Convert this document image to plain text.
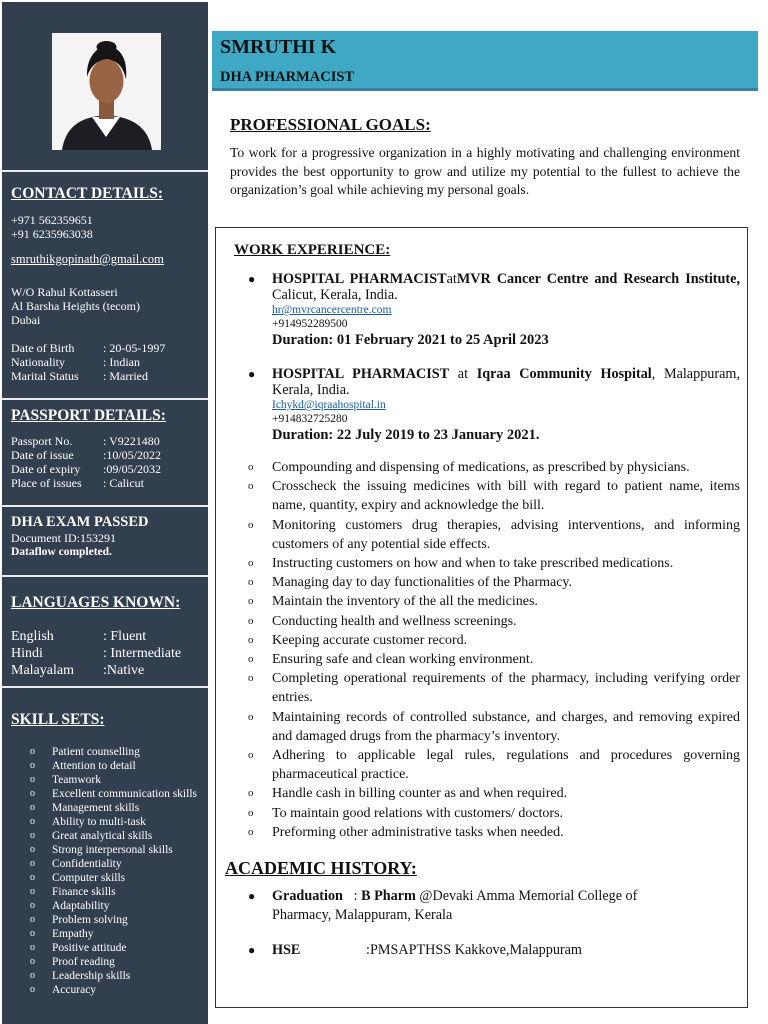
CONTACT DETAILS:
+971 562359651
+91 6235963038
smruthikgopinath@gmail.com
W/O Rahul Kottasseri
Al Barsha Heights (tecom)
Dubai
Date of Birth : 20-05-1997
Nationality	: Indian
Marital Status : Married
PASSPORT DETAILS:
Passport No.	: V9221480
Date of issue :10/05/2022
Date of expiry :09/05/2032
Place of issues : Calicut
DHA EXAM PASSED
Document ID:153291
Dataflow completed.
LANGUAGES KNOWN:
English	: Fluent
Hindi	: Intermediate
Malayalam :Native
SKILL SETS:
o Patient counselling
o Attention to detail
o Teamwork
o Excellent communication skills
o Management skills
o Ability to multi-task
o Great analytical skills
o Strong interpersonal skills
o Confidentiality
o Computer skills
o Finance skills
o Adaptability
o Problem solving
o Empathy
o Positive attitude
o Proof reading
o Leadership skills
o Accuracy
SMRUTHI K
DHA PHARMACIST
PROFESSIONAL GOALS:
To work for a progressive organization in a highly motivating and challenging environment provides the best opportunity to grow and utilize my potential to the fullest to achieve the organization’s goal while achieving my personal goals.
WORK EXPERIENCE:
● HOSPITAL PHARMACISTatMVR Cancer Centre and Research Institute, Calicut, Kerala, India.
hr@mvrcancercentre.com
+914952289500
Duration: 01 February 2021 to 25 April 2023
● HOSPITAL PHARMACIST at Iqraa Community Hospital, Malappuram, Kerala, India.
Ichykd@iqraahospital.in
+914832725280
Duration: 22 July 2019 to 23 January 2021.
o Compounding and dispensing of medications, as prescribed by physicians.
o Crosscheck the issuing medicines with bill with regard to patient name, items name, quantity, expiry and acknowledge the bill.
o Monitoring customers drug therapies, advising interventions, and informing customers of any potential side effects.
o Instructing customers on how and when to take prescribed medications.
o Managing day to day functionalities of the Pharmacy.
o Maintain the inventory of the all the medicines.
o Conducting health and wellness screenings.
o Keeping accurate customer record.
o Ensuring safe and clean working environment.
o Completing operational requirements of the pharmacy, including verifying order entries.
o Maintaining records of controlled substance, and charges, and removing expired and damaged drugs from the pharmacy’s inventory.
o Adhering to applicable legal rules, regulations and procedures governing pharmaceutical practice.
o Handle cash in billing counter as and when required.
o To maintain good relations with customers/ doctors.
o Preforming other administrative tasks when needed.
ACADEMIC HISTORY:
● Graduation   : B Pharm @Devaki Amma Memorial College of Pharmacy, Malappuram, Kerala
● HSE	:PMSAPTHSS Kakkove,Malappuram
